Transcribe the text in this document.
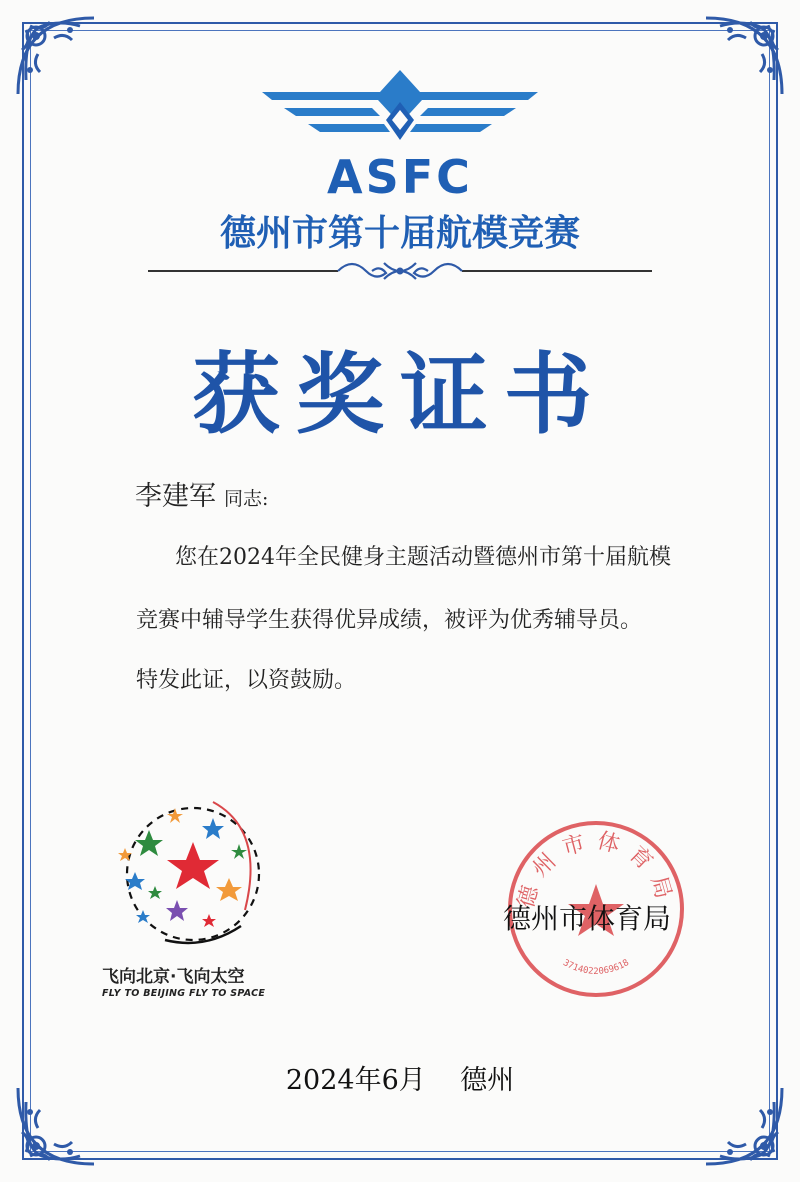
ASFC
德州市第十届航模竞赛
获奖证书
李建军 同志:
您在2024年全民健身主题活动暨德州市第十届航模
竞赛中辅导学生获得优异成绩，被评为优秀辅导员。
特发此证，以资鼓励。
飞向北京·飞向太空
FLY TO BEIJING FLY TO SPACE
德州市体育局
3714022069618
德州市体育局
2024年6月    德州
